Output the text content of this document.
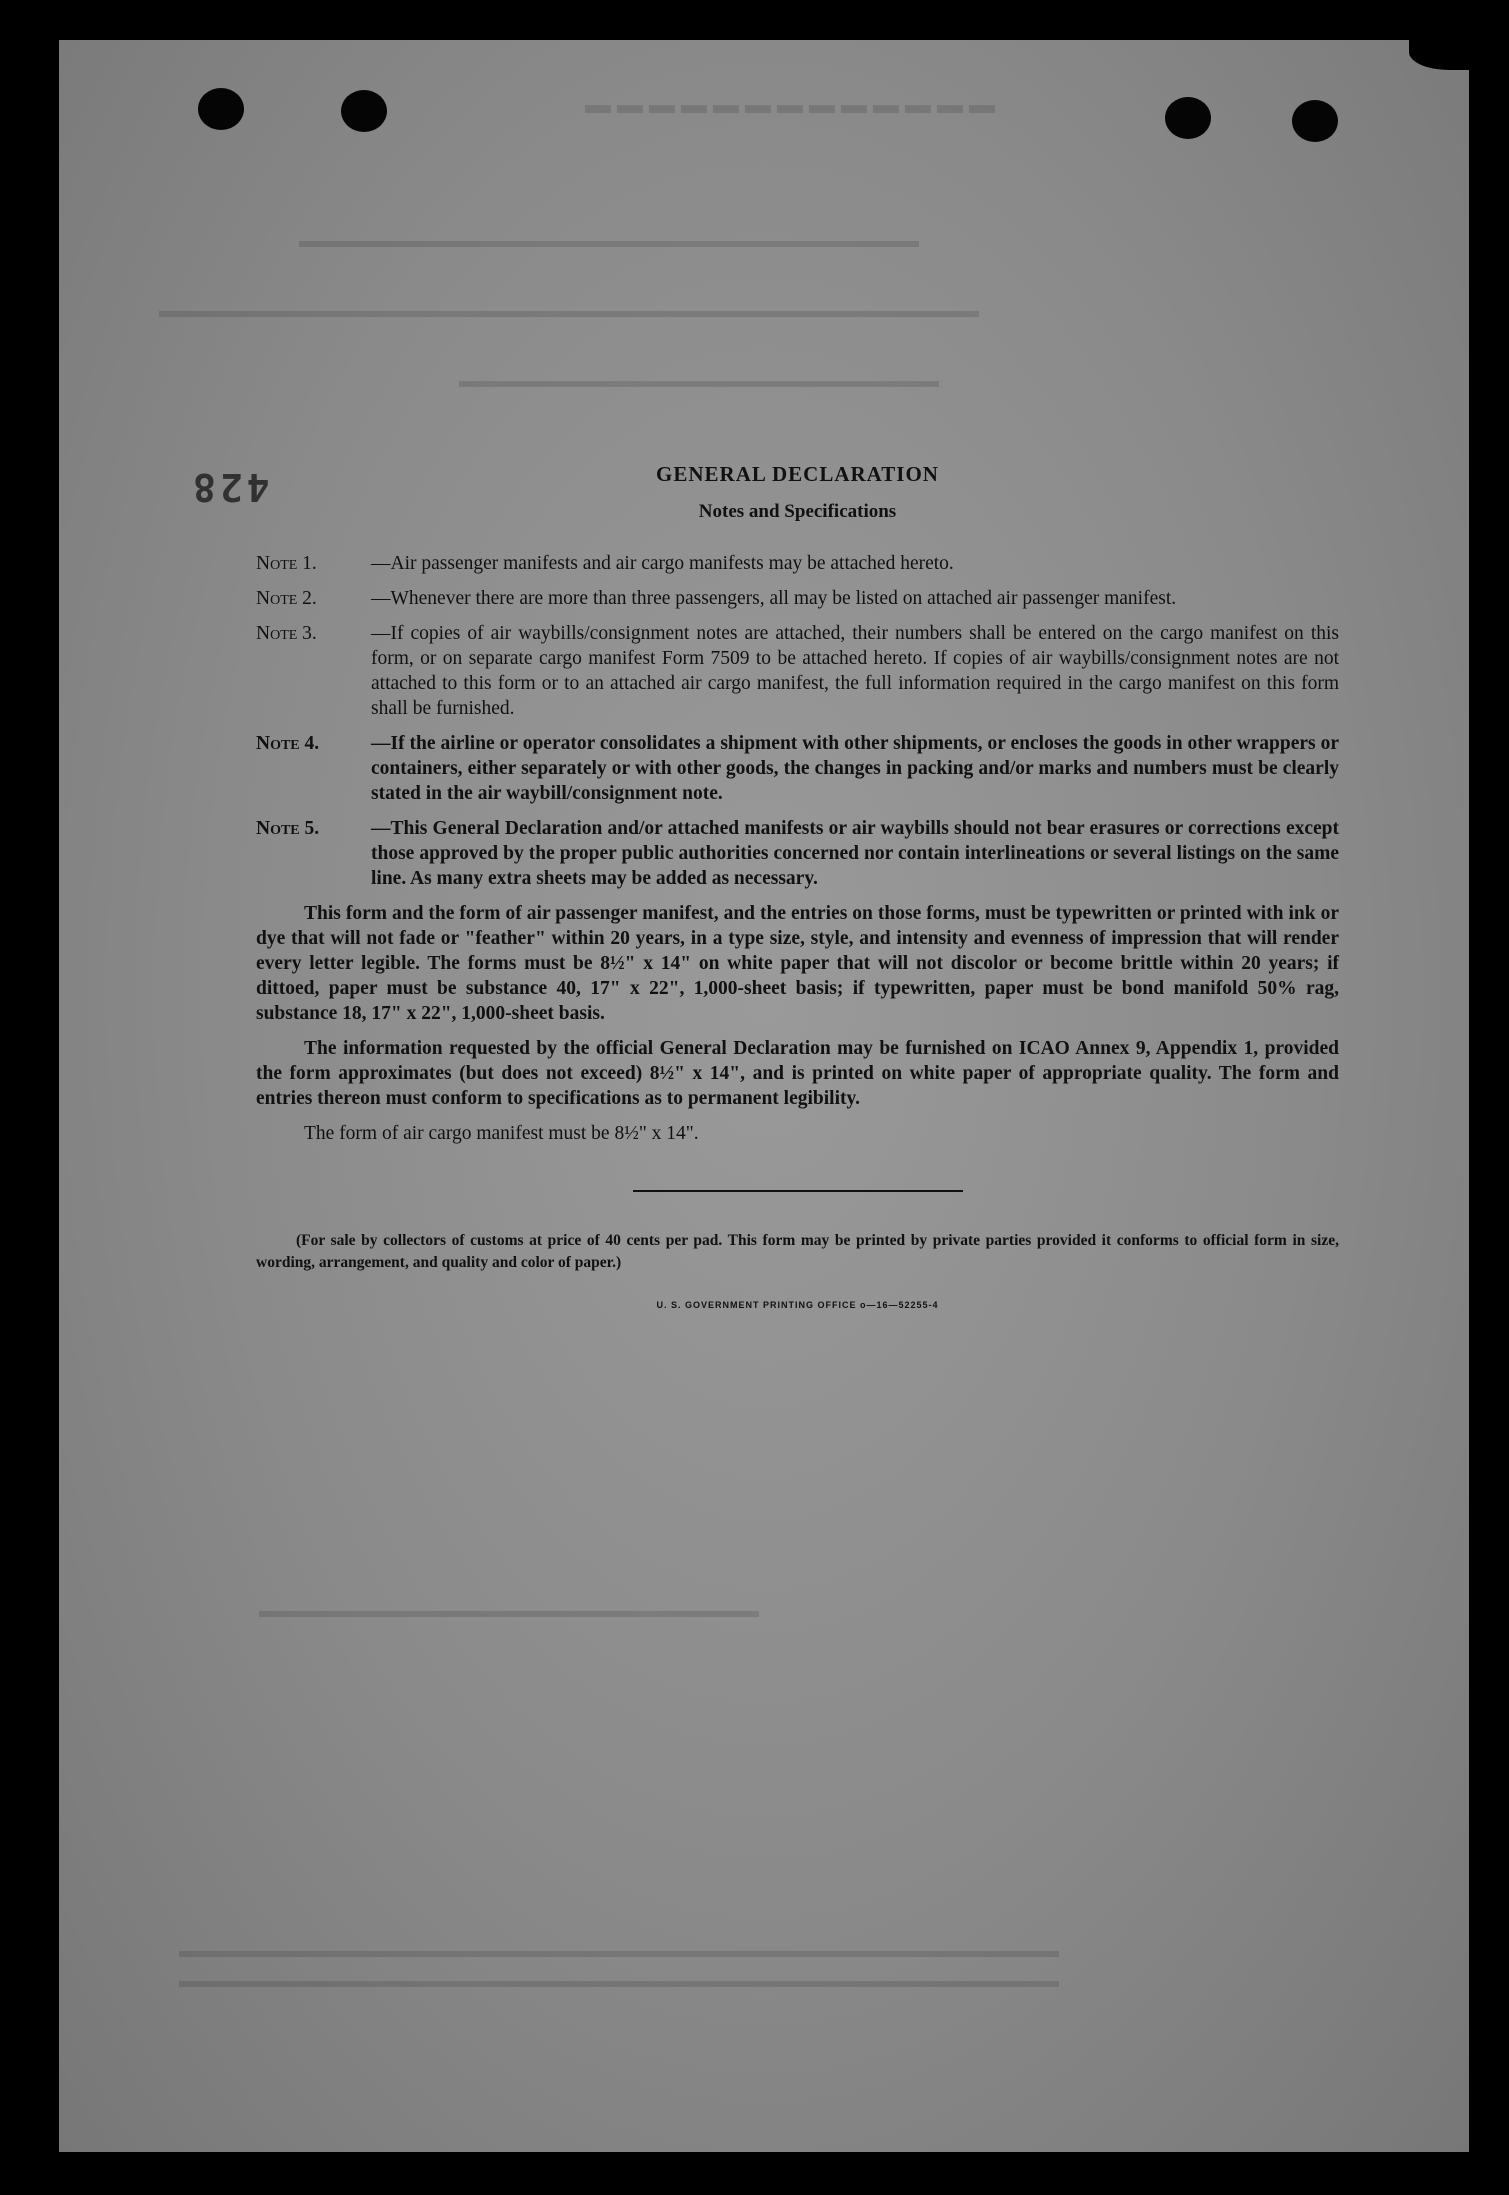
▬▬▬▬▬▬▬▬▬▬▬▬▬
▬▬▬▬▬▬▬▬▬▬▬▬▬▬▬▬▬▬▬▬▬▬▬▬▬▬▬▬▬▬▬
▬▬▬▬▬▬▬▬▬▬▬▬▬▬▬▬▬▬▬▬▬▬▬▬▬▬▬▬▬▬▬▬▬▬▬▬▬▬▬▬▬
▬▬▬▬▬▬▬▬▬▬▬▬▬▬▬▬▬▬▬▬▬▬▬▬
▬▬▬▬▬▬▬▬▬▬▬▬▬▬▬▬▬▬▬▬▬▬▬▬▬
▬▬▬▬▬▬▬▬▬▬▬▬▬▬▬▬▬▬▬▬▬▬▬▬▬▬▬▬▬▬▬▬▬▬▬▬▬▬▬▬▬▬▬▬
▬▬▬▬▬▬▬▬▬▬▬▬▬▬▬▬▬▬▬▬▬▬▬▬▬▬▬▬▬▬▬▬▬▬▬▬▬▬▬▬▬▬▬▬
428	GENERAL DECLARATION
Notes and Specifications

Note 1.	—Air passenger manifests and air cargo manifests may be attached hereto.

Note 2.	—Whenever there are more than three passengers, all may be listed on attached air passenger manifest.

Note 3.	—If copies of air waybills/consignment notes are attached, their numbers shall be entered on the cargo manifest on this form, or on separate cargo manifest Form 7509 to be attached hereto. If copies of air waybills/consignment notes are not attached to this form or to an attached air cargo manifest, the full information required in the cargo manifest on this form shall be furnished.

Note 4.	—If the airline or operator consolidates a shipment with other shipments, or encloses the goods in other wrappers or containers, either separately or with other goods, the changes in packing and/or marks and numbers must be clearly stated in the air waybill/consignment note.

Note 5.	—This General Declaration and/or attached manifests or air waybills should not bear erasures or corrections except those approved by the proper public authorities concerned nor contain interlineations or several listings on the same line. As many extra sheets may be added as necessary.

This form and the form of air passenger manifest, and the entries on those forms, must be typewritten or printed with ink or dye that will not fade or "feather" within 20 years, in a type size, style, and intensity and evenness of impression that will render every letter legible. The forms must be 8½" x 14" on white paper that will not discolor or become brittle within 20 years; if dittoed, paper must be substance 40, 17" x 22", 1,000-sheet basis; if typewritten, paper must be bond manifold 50% rag, substance 18, 17" x 22", 1,000-sheet basis.

The information requested by the official General Declaration may be furnished on ICAO Annex 9, Appendix 1, provided the form approximates (but does not exceed) 8½" x 14", and is printed on white paper of appropriate quality. The form and entries thereon must conform to specifications as to permanent legibility.

The form of air cargo manifest must be 8½" x 14".

(For sale by collectors of customs at price of 40 cents per pad. This form may be printed by private parties provided it conforms to official form in size, wording, arrangement, and quality and color of paper.)

U. S. GOVERNMENT PRINTING OFFICE o—16—52255-4
